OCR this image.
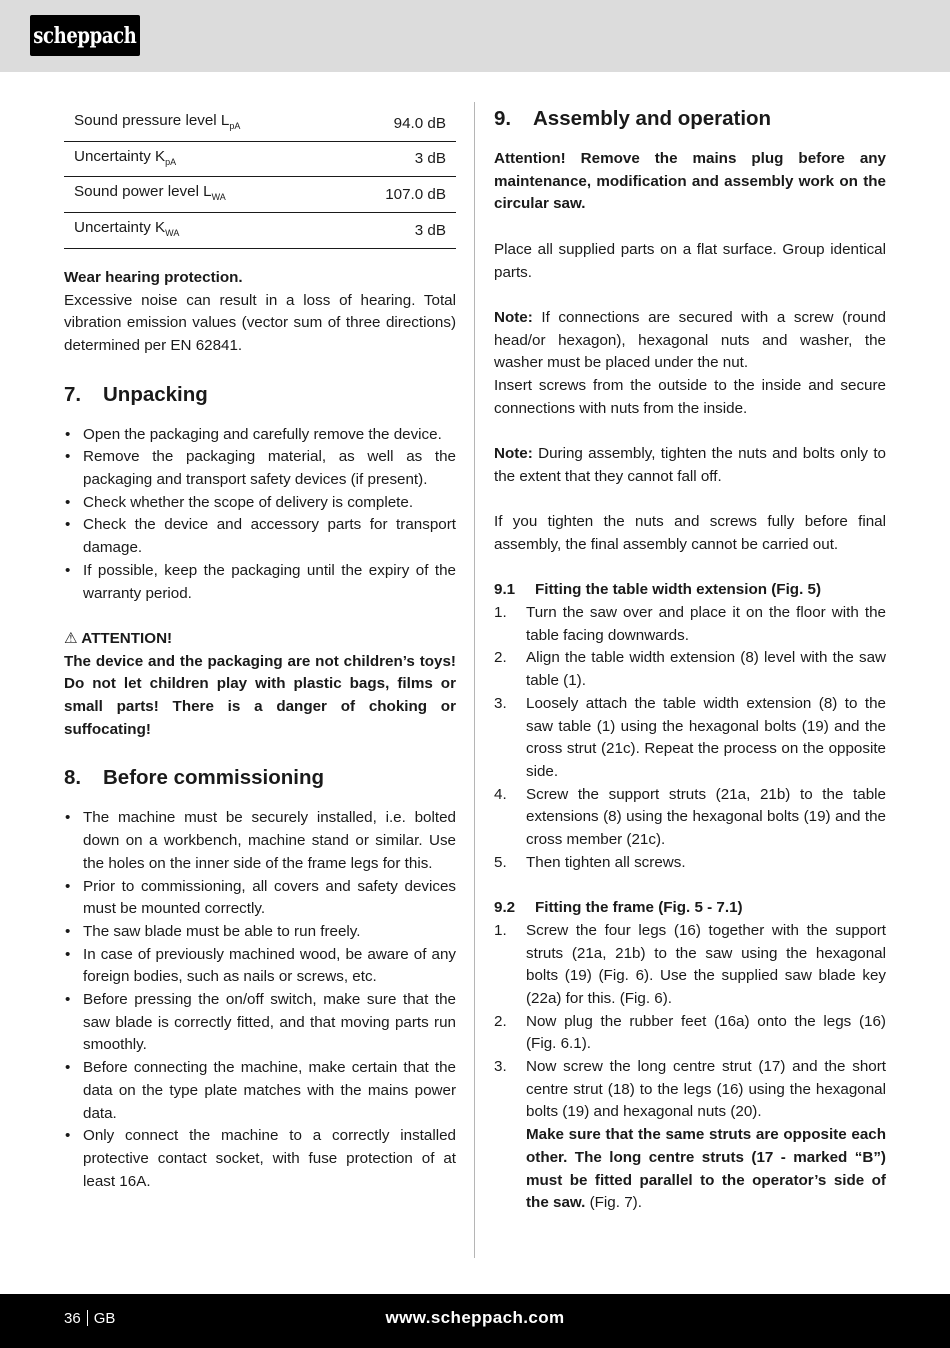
scheppach
Sound pressure level $L_{pA}$	94.0 dB
Uncertainty $K_{pA}$	3 dB
Sound power level $L_{WA}$	107.0 dB
Uncertainty $K_{WA}$	3 dB

Wear hearing protection.

Excessive noise can result in a loss of hearing. Total vibration emission values (vector sum of three directions) determined per EN 62841.

7. Unpacking
• Open the packaging and carefully remove the device.
• Remove the packaging material, as well as the packaging and transport safety devices (if present).
• Check whether the scope of delivery is complete.
• Check the device and accessory parts for transport damage.
• If possible, keep the packaging until the expiry of the warranty period.

⚠ ATTENTION!

The device and the packaging are not children’s toys! Do not let children play with plastic bags, films or small parts! There is a danger of choking or suffocating!

8. Before commissioning
• The machine must be securely installed, i.e. bolted down on a workbench, machine stand or similar. Use the holes on the inner side of the frame legs for this.
• Prior to commissioning, all covers and safety devices must be mounted correctly.
• The saw blade must be able to run freely.
• In case of previously machined wood, be aware of any foreign bodies, such as nails or screws, etc.
• Before pressing the on/off switch, make sure that the saw blade is correctly fitted, and that moving parts run smoothly.
• Before connecting the machine, make certain that the data on the type plate matches with the mains power data.
• Only connect the machine to a correctly installed protective contact socket, with fuse protection of at least 16A.
9. Assembly and operation

Attention! Remove the mains plug before any maintenance, modification and assembly work on the circular saw.

Place all supplied parts on a flat surface. Group identical parts.

Note: If connections are secured with a screw (round head/or hexagon), hexagonal nuts and washer, the washer must be placed under the nut.

Insert screws from the outside to the inside and secure connections with nuts from the inside.

Note: During assembly, tighten the nuts and bolts only to the extent that they cannot fall off.

If you tighten the nuts and screws fully before final assembly, the final assembly cannot be carried out.

9.1	Fitting the table width extension (Fig. 5)
1.	Turn the saw over and place it on the floor with the table facing downwards.
2.	Align the table width extension (8) level with the saw table (1).
3.	Loosely attach the table width extension (8) to the saw table (1) using the hexagonal bolts (19) and the cross strut (21c). Repeat the process on the opposite side.
4.	Screw the support struts (21a, 21b) to the table extensions (8) using the hexagonal bolts (19) and the cross member (21c).
5.	Then tighten all screws.
9.2	Fitting the frame (Fig. 5 - 7.1)
1.	Screw the four legs (16) together with the support struts (21a, 21b) to the saw using the hexagonal bolts (19) (Fig. 6). Use the supplied saw blade key (22a) for this. (Fig. 6).
2.	Now plug the rubber feet (16a) onto the legs (16) (Fig. 6.1).
3.	Now screw the long centre strut (17) and the short centre strut (18) to the legs (16) using the hexagonal bolts (19) and hexagonal nuts (20).
Make sure that the same struts are opposite each other. The long centre struts (17 - marked “B”) must be fitted parallel to the operator’s side of the saw. (Fig. 7).
36 GB	www.scheppach.com
